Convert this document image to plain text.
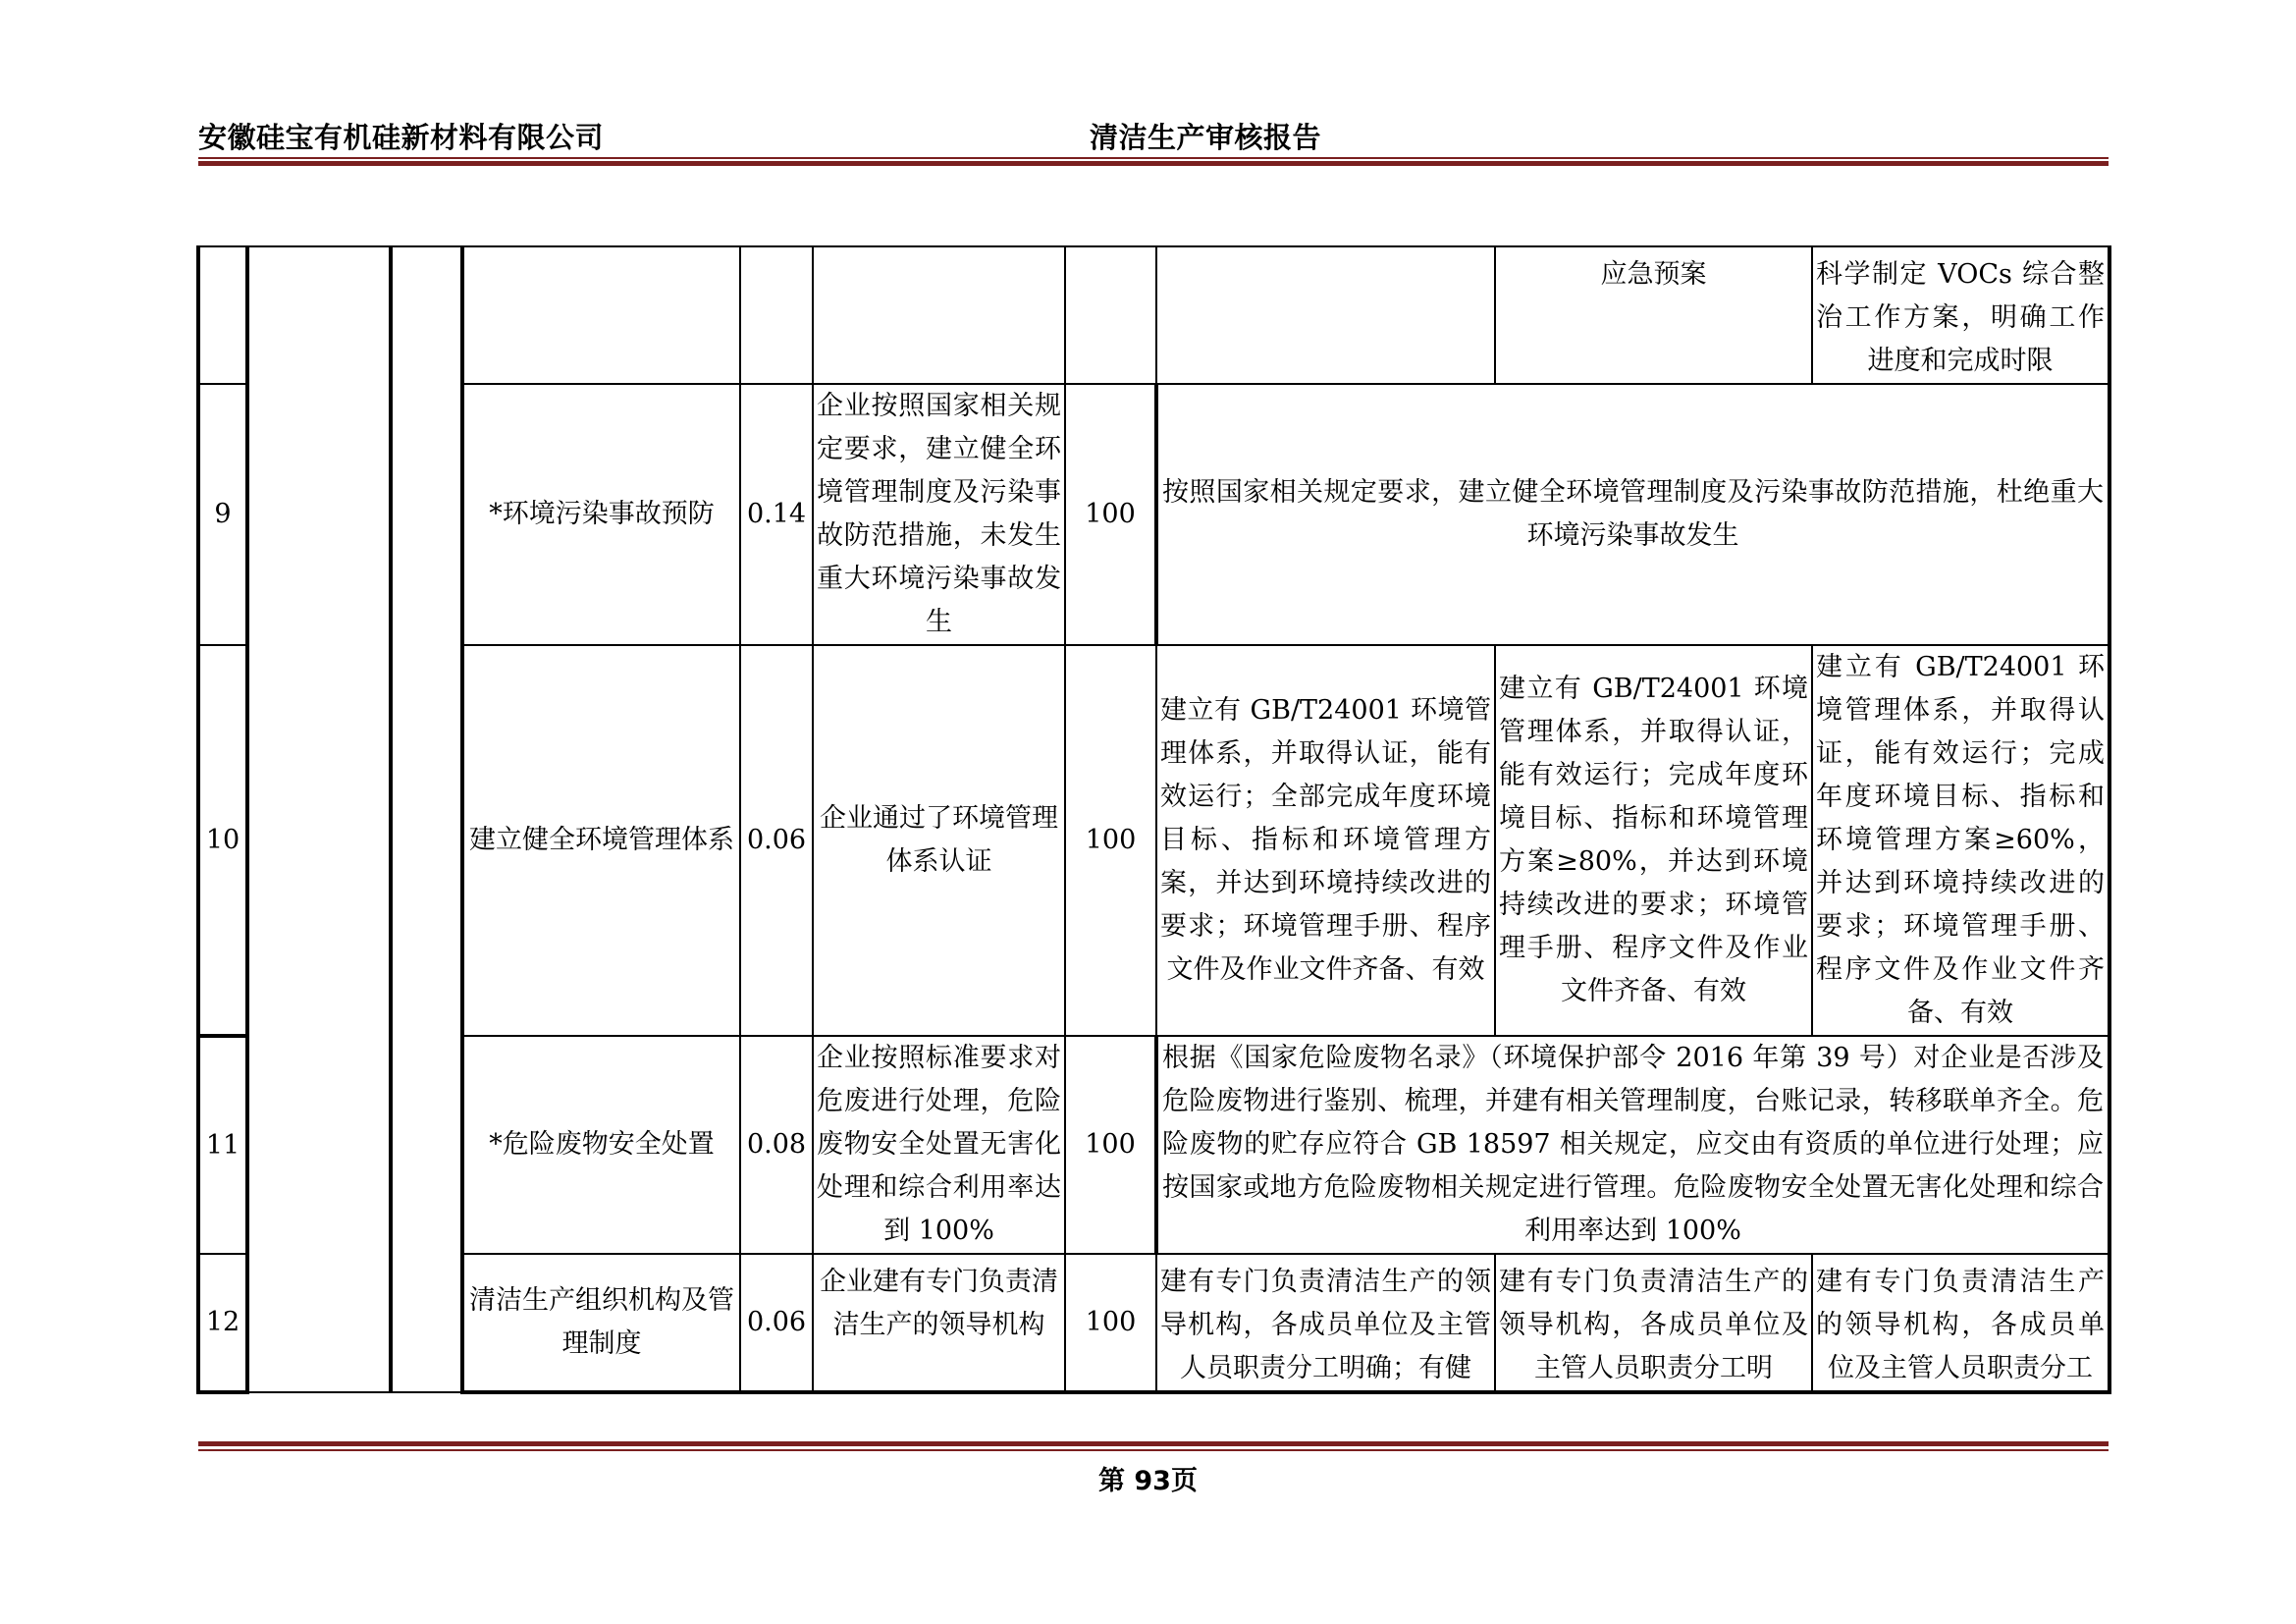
安徽硅宝有机硅新材料有限公司	清洁生产审核报告
								应急预案	科学制定 VOCs 综合整治工作方案，明确工作进度和完成时限
9			*环境污染事故预防	0.14	企业按照国家相关规定要求，建立健全环境管理制度及污染事故防范措施，未发生重大环境污染事故发生	100	按照国家相关规定要求，建立健全环境管理制度及污染事故防范措施，杜绝重大环境污染事故发生		
10			建立健全环境管理体系	0.06	企业通过了环境管理体系认证	100	建立有 GB/T24001 环境管理体系，并取得认证，能有效运行；全部完成年度环境目标、指标和环境管理方案，并达到环境持续改进的要求；环境管理手册、程序文件及作业文件齐备、有效	建立有 GB/T24001 环境管理体系，并取得认证，能有效运行；完成年度环境目标、指标和环境管理方案≥80%，并达到环境持续改进的要求；环境管理手册、程序文件及作业文件齐备、有效	建立有 GB/T24001 环境管理体系，并取得认证，能有效运行；完成年度环境目标、指标和环境管理方案≥60%，并达到环境持续改进的要求；环境管理手册、程序文件及作业文件齐备、有效
11			*危险废物安全处置	0.08	企业按照标准要求对危废进行处理，危险废物安全处置无害化处理和综合利用率达到 100%	100	根据《国家危险废物名录》（环境保护部令 2016 年第 39 号）对企业是否涉及危险废物进行鉴别、梳理，并建有相关管理制度，台账记录，转移联单齐全。危险废物的贮存应符合 GB 18597 相关规定，应交由有资质的单位进行处理；应按国家或地方危险废物相关规定进行管理。危险废物安全处置无害化处理和综合利用率达到 100%		
12			清洁生产组织机构及管理制度	0.06	企业建有专门负责清洁生产的领导机构	100	建有专门负责清洁生产的领导机构，各成员单位及主管人员职责分工明确；有健	建有专门负责清洁生产的领导机构，各成员单位及主管人员职责分工明	建有专门负责清洁生产的领导机构，各成员单位及主管人员职责分工
第 93页
